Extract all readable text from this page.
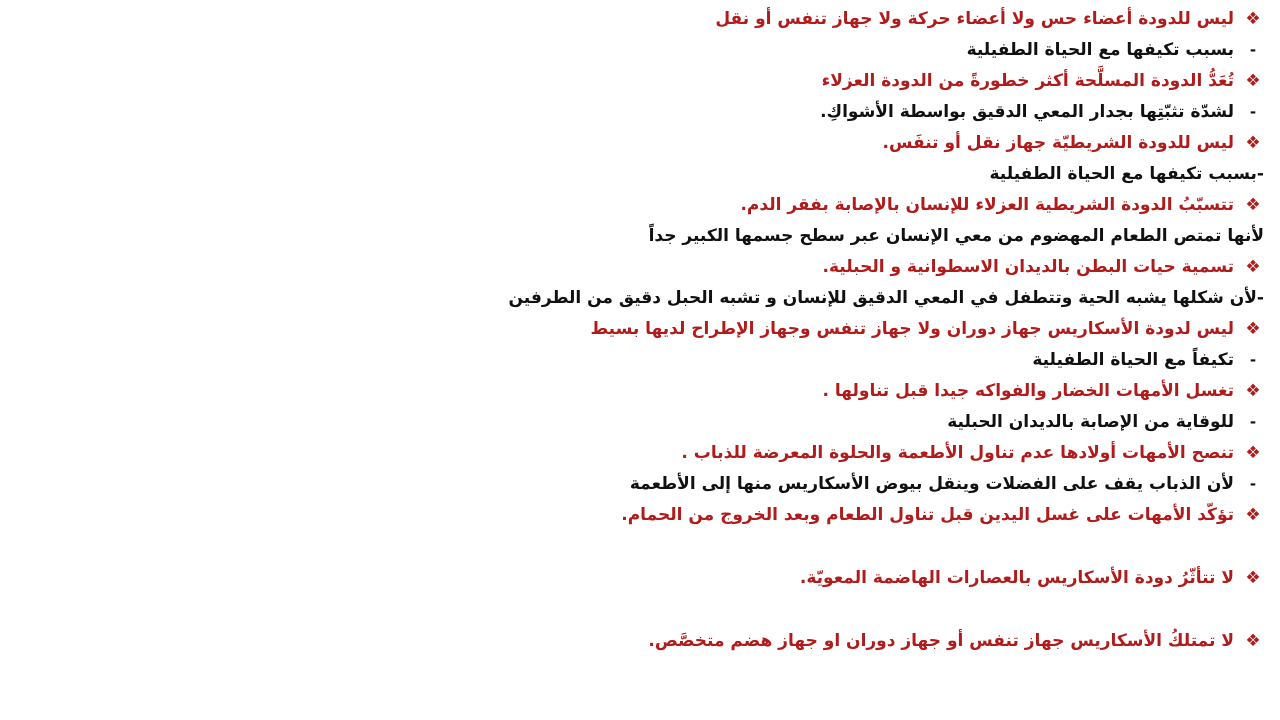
❖
ليس للدودة أعضاء حس ولا أعضاء حركة ولا جهاز تنفس أو نقل
-
بسبب تكيفها مع الحياة الطفيلية
❖
تُعَدُّ الدودة المسلَّحة أكثر خطورةً من الدودة العزلاء
-
لشدّة تثبّتِها بجدار المعي الدقيق بواسطة الأشواكِ.
❖
ليس للدودة الشريطيّة جهاز نقل أو تنفَس.
-بسبب تكيفها مع الحياة الطفيلية
❖
تتسبّبُ الدودة الشريطية العزلاء للإنسان بالإصابة بفقر الدم.
لأنها تمتص الطعام المهضوم من معي الإنسان عبر سطح جسمها الكبير جداً
❖
تسمية حيات البطن بالديدان الاسطوانية و الحبلية.
-لأن شكلها يشبه الحية وتتطفل في المعي الدقيق للإنسان و تشبه الحبل دقيق من الطرفين
❖
ليس لدودة الأسكاريس جهاز دوران ولا جهاز تنفس وجهاز الإطراح لديها بسيط
-
تكيفاً مع الحياة الطفيلية
❖
تغسل الأمهات الخضار والفواكه جيدا قبل تناولها .
-
للوقاية من الإصابة بالديدان الحبلية
❖
تنصح الأمهات أولادها عدم تناول الأطعمة والحلوة المعرضة للذباب .
-
لأن الذباب يقف على الفضلات وينقل بيوض الأسكاريس منها إلى الأطعمة
❖
تؤكّد الأمهات على غسل اليدين قبل تناول الطعام وبعد الخروج من الحمام.
❖
لا تتأثّرُ دودة الأسكاريس بالعصارات الهاضمة المعويّة.
❖
لا تمتلكُ الأسكاريس جهاز تنفس أو جهاز دوران او جهاز هضم متخصَّص.
